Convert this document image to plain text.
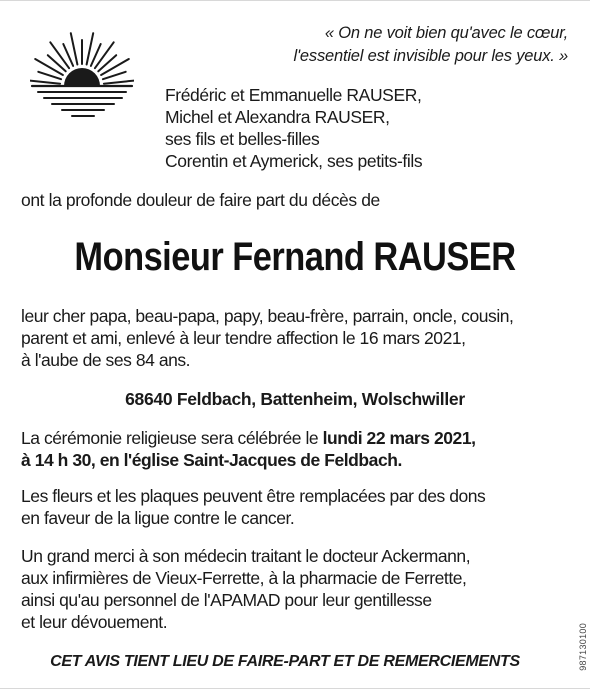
« On ne voit bien qu'avec le cœur,
l'essentiel est invisible pour les yeux. »
Frédéric et Emmanuelle RAUSER,
Michel et Alexandra RAUSER,
ses fils et belles-filles
Corentin et Aymerick, ses petits-fils
ont la profonde douleur de faire part du décès de
Monsieur Fernand RAUSER
leur cher papa, beau-papa, papy, beau-frère, parrain, oncle, cousin,
parent et ami, enlevé à leur tendre affection le 16 mars 2021,
à l'aube de ses 84 ans.
68640 Feldbach, Battenheim, Wolschwiller
La cérémonie religieuse sera célébrée le lundi 22 mars 2021,
à 14 h 30, en l'église Saint-Jacques de Feldbach.
Les fleurs et les plaques peuvent être remplacées par des dons
en faveur de la ligue contre le cancer.
Un grand merci à son médecin traitant le docteur Ackermann,
aux infirmières de Vieux-Ferrette, à la pharmacie de Ferrette,
ainsi qu'au personnel de l'APAMAD pour leur gentillesse
et leur dévouement.
CET AVIS TIENT LIEU DE FAIRE-PART ET DE REMERCIEMENTS	987130100
